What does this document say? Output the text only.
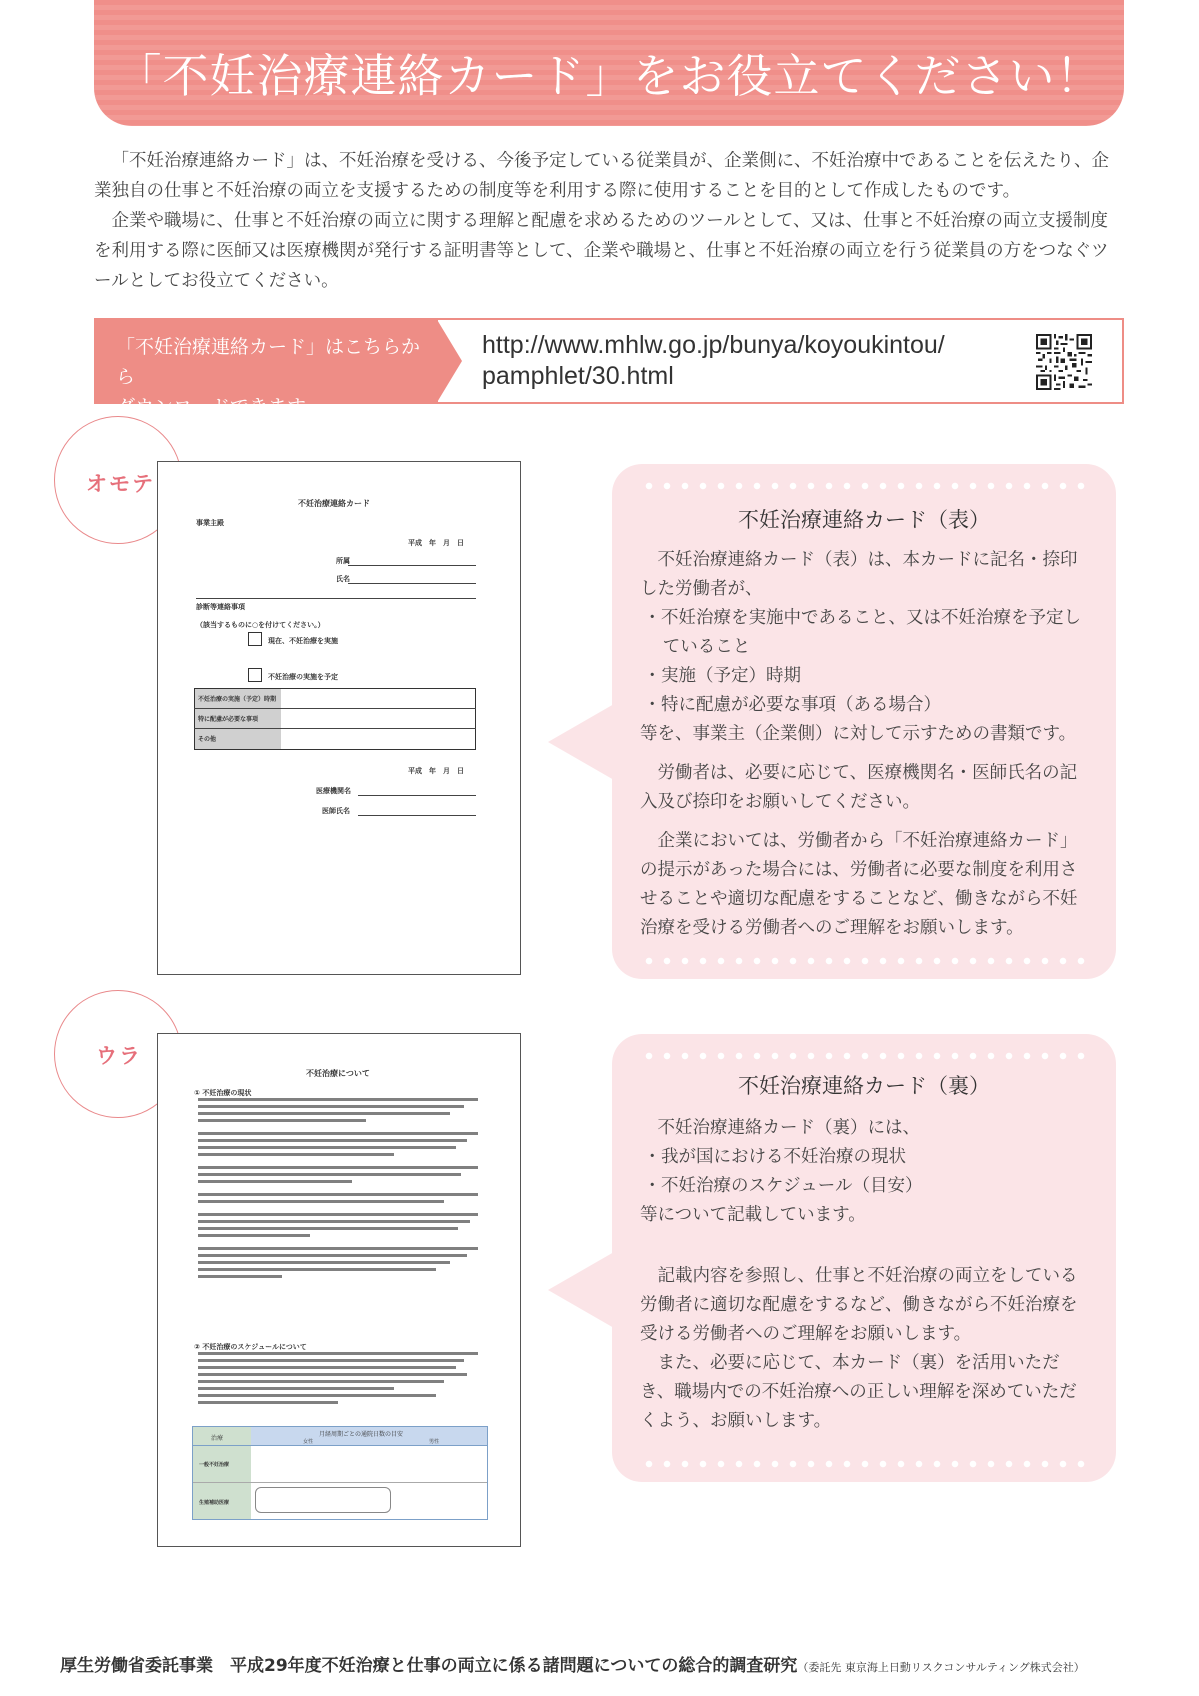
「不妊治療連絡カード」をお役立てください！

「不妊治療連絡カード」は、不妊治療を受ける、今後予定している従業員が、企業側に、不妊治療中であることを伝えたり、企業独自の仕事と不妊治療の両立を支援するための制度等を利用する際に使用することを目的として作成したものです。

企業や職場に、仕事と不妊治療の両立に関する理解と配慮を求めるためのツールとして、又は、仕事と不妊治療の両立支援制度を利用する際に医師又は医療機関が発行する証明書等として、企業や職場と、仕事と不妊治療の両立を行う従業員の方をつなぐツールとしてお役立てください。

「不妊治療連絡カード」はこちらから
ダウンロードできます。
http://www.mhlw.go.jp/bunya/koyoukintou/
pamphlet/30.html
オモテ
不妊治療連絡カード
事業主殿
平成　年　月　日
所属
氏名
診断等連絡事項
（該当するものに○を付けてください。）
現在、不妊治療を実施
不妊治療の実施を予定
不妊治療の実施（予定）時期
特に配慮が必要な事項
その他
平成　年　月　日
医療機関名
医師氏名
不妊治療連絡カード（表）

不妊治療連絡カード（表）は、本カードに記名・捺印した労働者が、

・不妊治療を実施中であること、又は不妊治療を予定していること

・実施（予定）時期

・特に配慮が必要な事項（ある場合）

等を、事業主（企業側）に対して示すための書類です。

労働者は、必要に応じて、医療機関名・医師氏名の記入及び捺印をお願いしてください。

企業においては、労働者から「不妊治療連絡カード」の提示があった場合には、労働者に必要な制度を利用させることや適切な配慮をすることなど、働きながら不妊治療を受ける労働者へのご理解をお願いします。

ウラ
不妊治療について
① 不妊治療の現状
② 不妊治療のスケジュールについて
治療
月経周期ごとの通院日数の目安
女性	男性
一般不妊治療
生殖補助医療
不妊治療連絡カード（裏）

不妊治療連絡カード（裏）には、

・我が国における不妊治療の現状

・不妊治療のスケジュール（目安）

等について記載しています。

記載内容を参照し、仕事と不妊治療の両立をしている労働者に適切な配慮をするなど、働きながら不妊治療を受ける労働者へのご理解をお願いします。

また、必要に応じて、本カード（裏）を活用いただき、職場内での不妊治療への正しい理解を深めていただくよう、お願いします。

厚生労働省委託事業　平成29年度不妊治療と仕事の両立に係る諸問題についての総合的調査研究（委託先 東京海上日動リスクコンサルティング株式会社）
